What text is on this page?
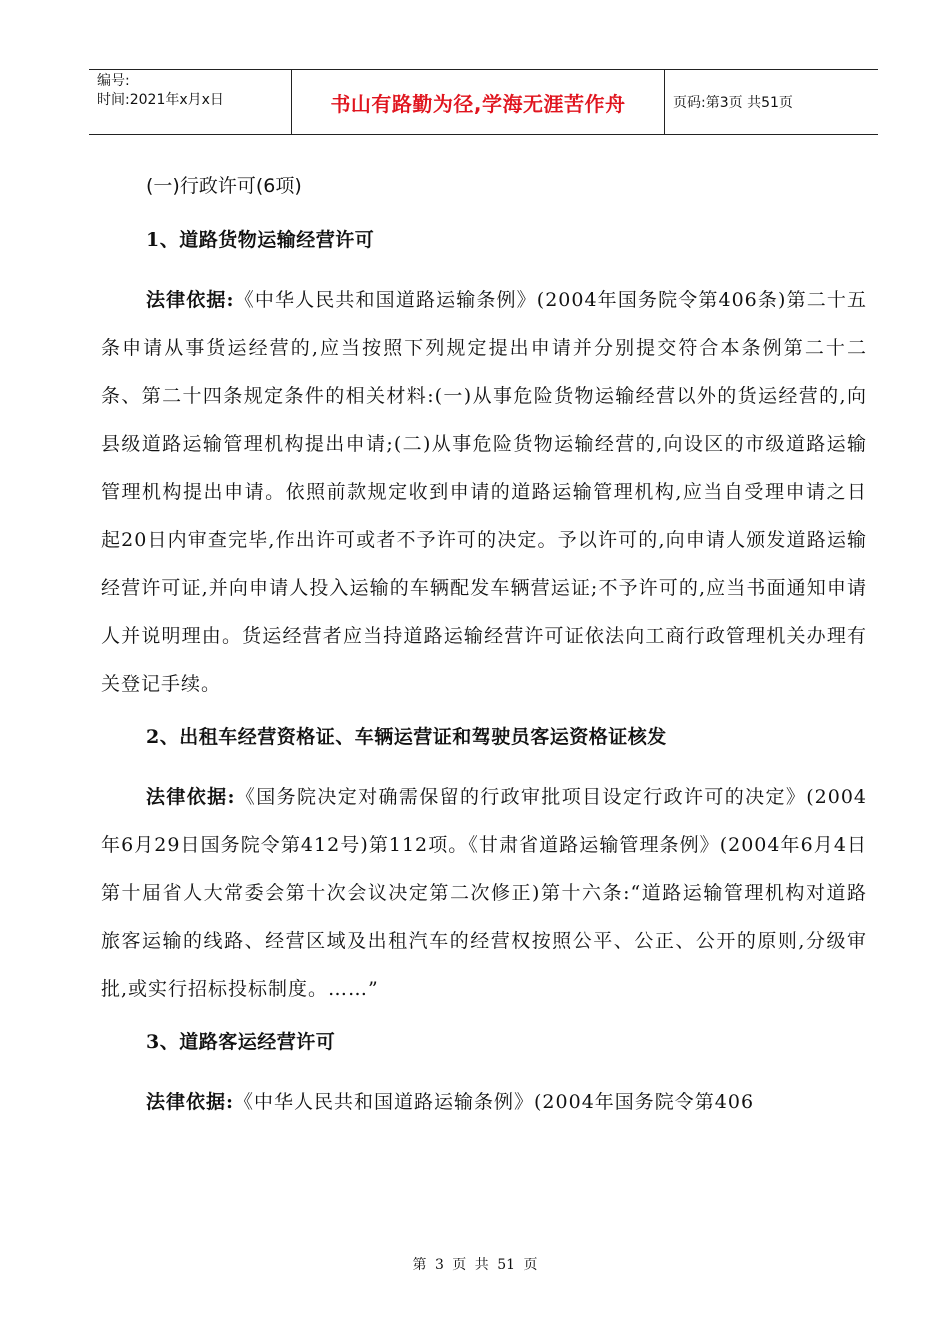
编号:
时间:2021年x月x日	书山有路勤为径,学海无涯苦作舟	页码:第3页 共51页
(一)行政许可(6项)
1、道路货物运输经营许可
法律依据:《中华人民共和国道路运输条例》(2004年国务院令第406条)第二十五条申请从事货运经营的,应当按照下列规定提出申请并分别提交符合本条例第二十二条、第二十四条规定条件的相关材料:(一)从事危险货物运输经营以外的货运经营的,向县级道路运输管理机构提出申请;(二)从事危险货物运输经营的,向设区的市级道路运输管理机构提出申请。依照前款规定收到申请的道路运输管理机构,应当自受理申请之日起20日内审查完毕,作出许可或者不予许可的决定。予以许可的,向申请人颁发道路运输经营许可证,并向申请人投入运输的车辆配发车辆营运证;不予许可的,应当书面通知申请人并说明理由。货运经营者应当持道路运输经营许可证依法向工商行政管理机关办理有关登记手续。
2、出租车经营资格证、车辆运营证和驾驶员客运资格证核发
法律依据:《国务院决定对确需保留的行政审批项目设定行政许可的决定》(2004年6月29日国务院令第412号)第112项。《甘肃省道路运输管理条例》(2004年6月4日第十届省人大常委会第十次会议决定第二次修正)第十六条:“道路运输管理机构对道路旅客运输的线路、经营区域及出租汽车的经营权按照公平、公正、公开的原则,分级审批,或实行招标投标制度。……”
3、道路客运经营许可
法律依据:《中华人民共和国道路运输条例》(2004年国务院令第406
第 3 页 共 51 页
